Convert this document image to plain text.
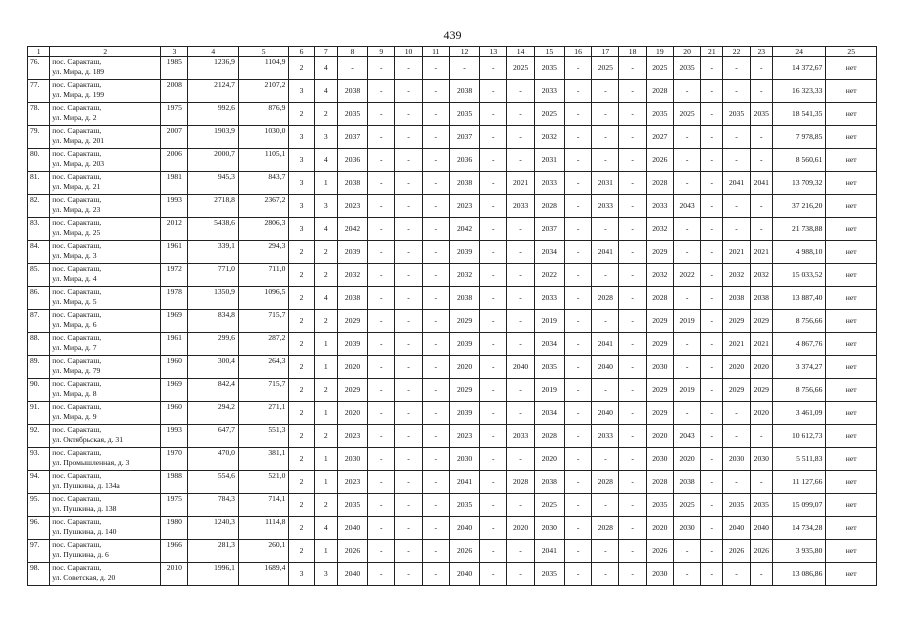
439
1	2	3	4	5	6	7	8	9	10	11	12	13	14	15	16	17	18	19	20	21	22	23	24	25
76.	пос. Саракташ,
ул. Мира, д. 189	1985	1236,9	1104,9	2	4	-	-	-	-	-	-	2025	2035	-	2025	-	2025	2035	-	-	-	14 372,67	нет
77.	пос. Саракташ,
ул. Мира, д. 199	2008	2124,7	2107,2	3	4	2038	-	-	-	2038	-	-	2033	-	-	-	2028	-	-	-	-	16 323,33	нет
78.	пос. Саракташ,
ул. Мира, д. 2	1975	992,6	876,9	2	2	2035	-	-	-	2035	-	-	2025	-	-	-	2035	2025	-	2035	2035	18 541,35	нет
79.	пос. Саракташ,
ул. Мира, д. 201	2007	1903,9	1030,0	3	3	2037	-	-	-	2037	-	-	2032	-	-	-	2027	-	-	-	-	7 978,85	нет
80.	пос. Саракташ,
ул. Мира, д. 203	2006	2000,7	1105,1	3	4	2036	-	-	-	2036	-	-	2031	-	-	-	2026	-	-	-	-	8 560,61	нет
81.	пос. Саракташ,
ул. Мира, д. 21	1981	945,3	843,7	3	1	2038	-	-	-	2038	-	2021	2033	-	2031	-	2028	-	-	2041	2041	13 709,32	нет
82.	пос. Саракташ,
ул. Мира, д. 23	1993	2718,8	2367,2	3	3	2023	-	-	-	2023	-	2033	2028	-	2033	-	2033	2043	-	-	-	37 216,20	нет
83.	пос. Саракташ,
ул. Мира, д. 25	2012	5438,6	2806,3	3	4	2042	-	-	-	2042	-	-	2037	-	-	-	2032	-	-	-	-	21 738,88	нет
84.	пос. Саракташ,
ул. Мира, д. 3	1961	339,1	294,3	2	2	2039	-	-	-	2039	-	-	2034	-	2041	-	2029	-	-	2021	2021	4 988,10	нет
85.	пос. Саракташ,
ул. Мира, д. 4	1972	771,0	711,0	2	2	2032	-	-	-	2032	-	-	2022	-	-	-	2032	2022	-	2032	2032	15 033,52	нет
86.	пос. Саракташ,
ул. Мира, д. 5	1978	1350,9	1096,5	2	4	2038	-	-	-	2038	-	-	2033	-	2028	-	2028	-	-	2038	2038	13 887,40	нет
87.	пос. Саракташ,
ул. Мира, д. 6	1969	834,8	715,7	2	2	2029	-	-	-	2029	-	-	2019	-	-	-	2029	2019	-	2029	2029	8 756,66	нет
88.	пос. Саракташ,
ул. Мира, д. 7	1961	299,6	287,2	2	1	2039	-	-	-	2039	-	-	2034	-	2041	-	2029	-	-	2021	2021	4 867,76	нет
89.	пос. Саракташ,
ул. Мира, д. 79	1960	300,4	264,3	2	1	2020	-	-	-	2020	-	2040	2035	-	2040	-	2030	-	-	2020	2020	3 374,27	нет
90.	пос. Саракташ,
ул. Мира, д. 8	1969	842,4	715,7	2	2	2029	-	-	-	2029	-	-	2019	-	-	-	2029	2019	-	2029	2029	8 756,66	нет
91.	пос. Саракташ,
ул. Мира, д. 9	1960	294,2	271,1	2	1	2020	-	-	-	2039	-	-	2034	-	2040	-	2029	-	-	-	2020	3 461,09	нет
92.	пос. Саракташ,
ул. Октябрьская, д. 31	1993	647,7	551,3	2	2	2023	-	-	-	2023	-	2033	2028	-	2033	-	2020	2043	-	-	-	10 612,73	нет
93.	пос. Саракташ,
ул. Промышленная, д. 3	1970	470,0	381,1	2	1	2030	-	-	-	2030	-	-	2020	-	-	-	2030	2020	-	2030	2030	5 511,83	нет
94.	пос. Саракташ,
ул. Пушкина, д. 134а	1988	554,6	521,0	2	1	2023	-	-	-	2041	-	2028	2038	-	2028	-	2028	2038	-	-	-	11 127,66	нет
95.	пос. Саракташ,
ул. Пушкина, д. 138	1975	784,3	714,1	2	2	2035	-	-	-	2035	-	-	2025	-	-	-	2035	2025	-	2035	2035	15 099,07	нет
96.	пос. Саракташ,
ул. Пушкина, д. 140	1980	1240,3	1114,8	2	4	2040	-	-	-	2040	-	2020	2030	-	2028	-	2020	2030	-	2040	2040	14 734,28	нет
97.	пос. Саракташ,
ул. Пушкина, д. 6	1966	281,3	260,1	2	1	2026	-	-	-	2026	-	-	2041	-	-	-	2026	-	-	2026	2026	3 935,80	нет
98.	пос. Саракташ,
ул. Советская, д. 20	2010	1996,1	1689,4	3	3	2040	-	-	-	2040	-	-	2035	-	-	-	2030	-	-	-	-	13 086,86	нет
